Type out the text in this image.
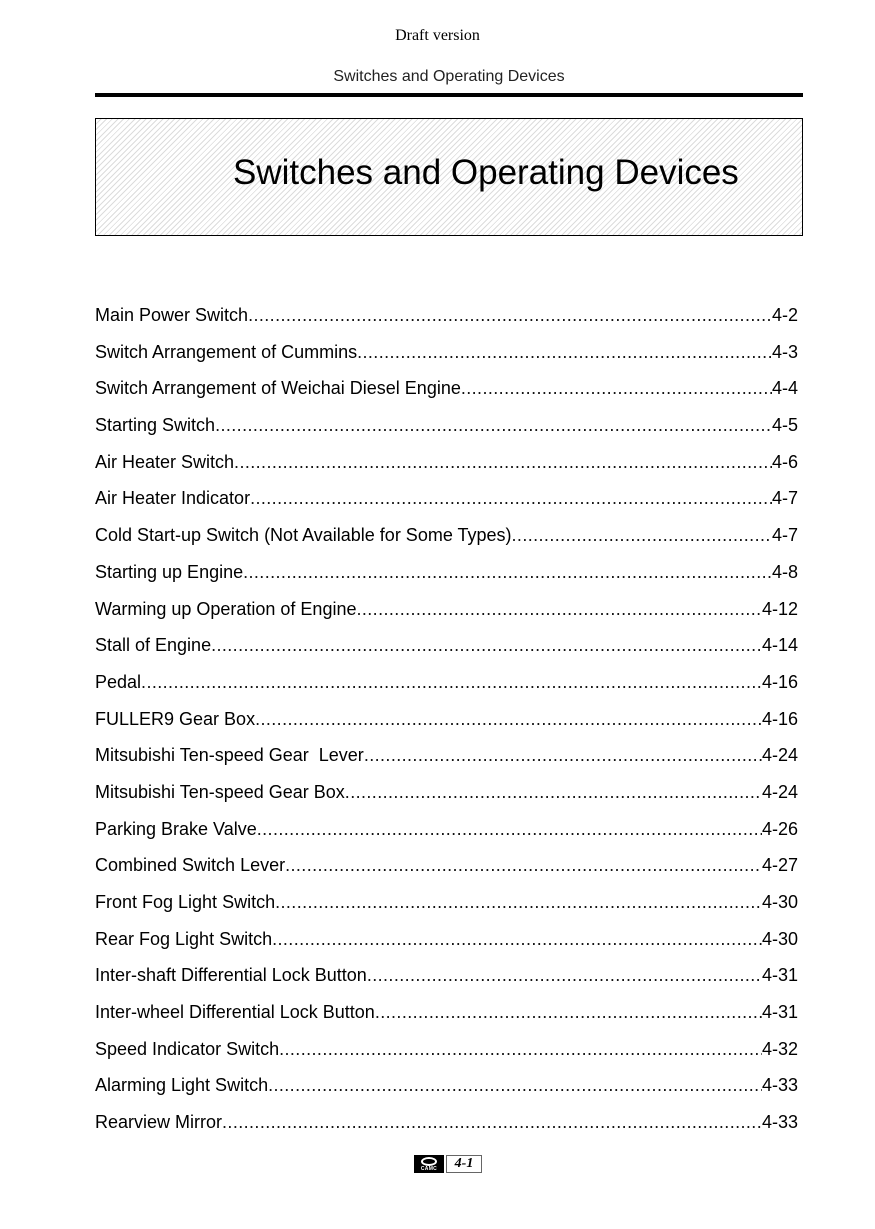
Draft version
Switches and Operating Devices
Switches and Operating Devices
Main Power Switch .....	4-2
Switch Arrangement of Cummins .....	4-3
Switch Arrangement of Weichai Diesel Engine .....	4-4
Starting Switch .....	4-5
Air Heater Switch .....	4-6
Air Heater Indicator .....	4-7
Cold Start-up Switch (Not Available for Some Types) .....	4-7
Starting up Engine .....	4-8
Warming up Operation of Engine .....	4-12
Stall of Engine .....	4-14
Pedal .....	4-16
FULLER9 Gear Box .....	4-16
Mitsubishi Ten-speed Gear  Lever .....	4-24
Mitsubishi Ten-speed Gear Box .....	4-24
Parking Brake Valve .....	4-26
Combined Switch Lever .....	4-27
Front Fog Light Switch .....	4-30
Rear Fog Light Switch .....	4-30
Inter-shaft Differential Lock Button .....	4-31
Inter-wheel Differential Lock Button .....	4-31
Speed Indicator Switch .....	4-32
Alarming Light Switch .....	4-33
Rearview Mirror .....	4-33
CAMC	4-1
